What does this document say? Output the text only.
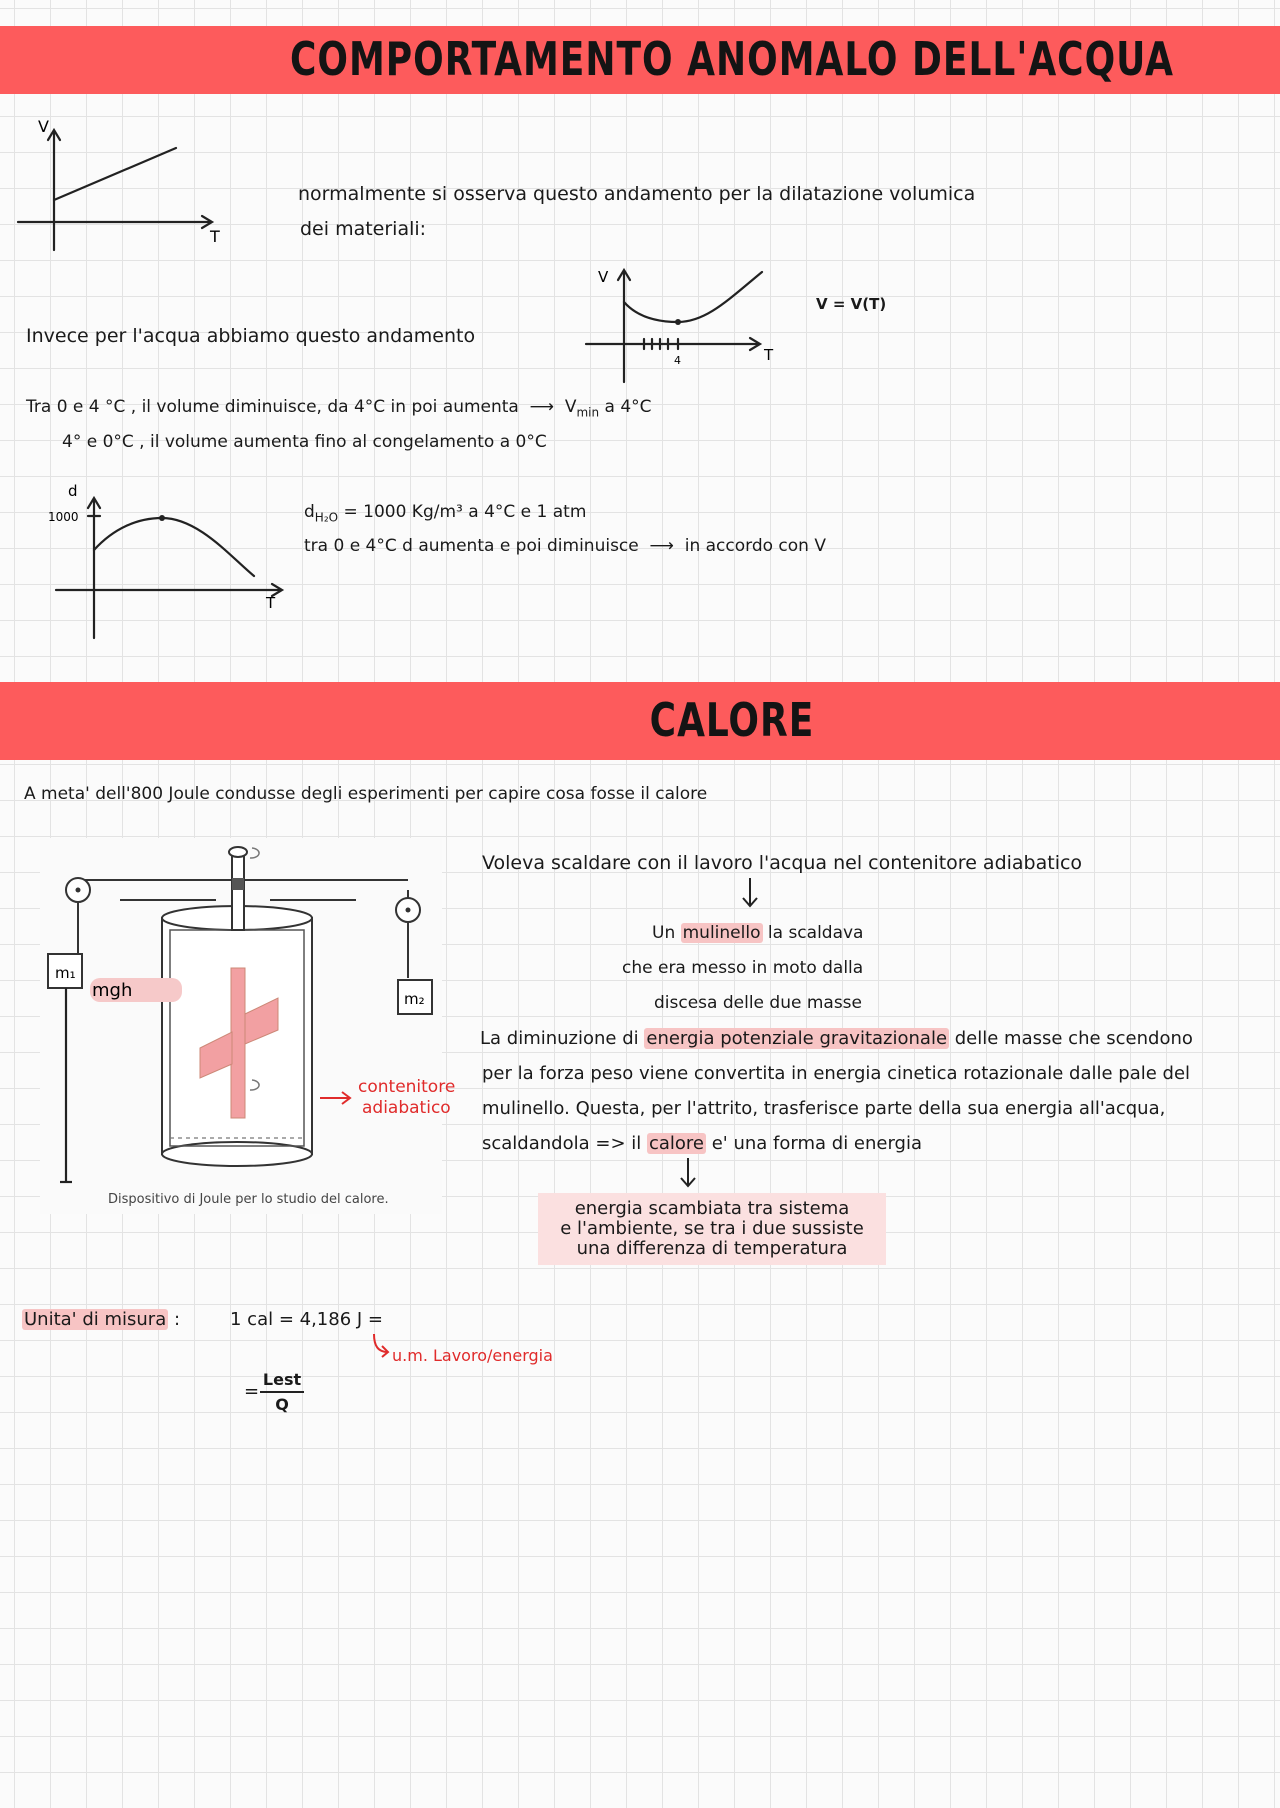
COMPORTAMENTO ANOMALO DELL'ACQUA
V
T
normalmente si osserva questo andamento per la dilatazione volumica
dei materiali:
V
T
4
V = V(T)
Invece per l'acqua abbiamo questo andamento
Tra 0 e 4 °C , il volume diminuisce, da 4°C in poi aumenta  ⟶  $V_{min}$ a 4°C
4° e 0°C , il volume aumenta fino al congelamento a 0°C
d
T
1000	$d_{H_2O} = 1000$ Kg/m³ a 4°C e 1 atm
tra 0 e 4°C d aumenta e poi diminuisce  ⟶  in accordo con V
CALORE
A meta' dell'800 Joule condusse degli esperimenti per capire cosa fosse il calore
m₁
m₂
mgh
Dispositivo di Joule per lo studio del calore.
contenitore
adiabatico
Voleva scaldare con il lavoro l'acqua nel contenitore adiabatico
Un mulinello la scaldava
che era messo in moto dalla
discesa delle due masse
La diminuzione di energia potenziale gravitazionale delle masse che scendono
per la forza peso viene convertita in energia cinetica rotazionale dalle pale del
mulinello. Questa, per l'attrito, trasferisce parte della sua energia all'acqua,
scaldandola => il calore e' una forma di energia
energia scambiata tra sistema
e l'ambiente, se tra i due sussiste
una differenza di temperatura
Unita' di misura :	1 cal = 4,186 J =
u.m. Lavoro/energia
=
Lest
Q
